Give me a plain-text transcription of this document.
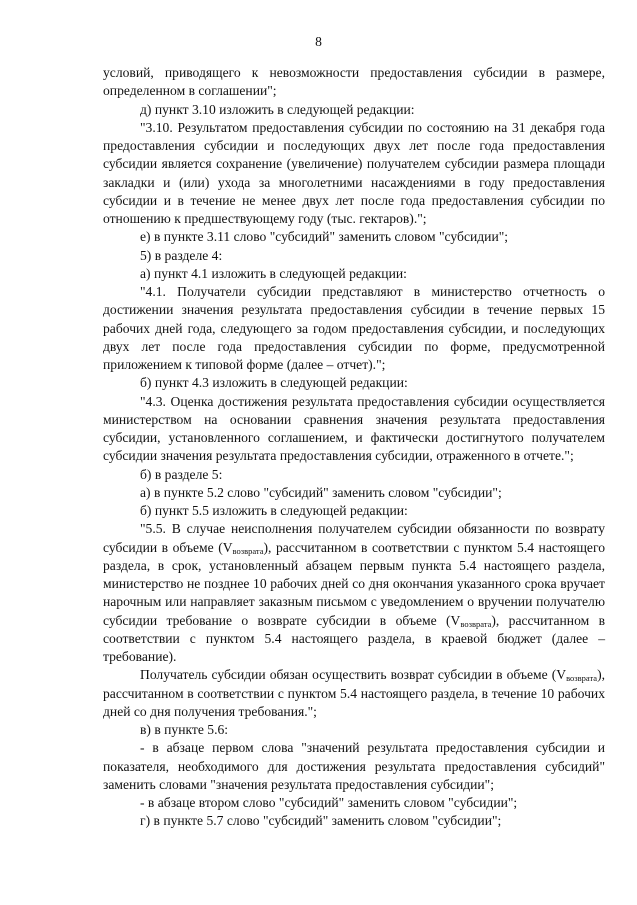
8

условий, приводящего к невозможности предоставления субсидии в размере, определенном в соглашении";

д) пункт 3.10 изложить в следующей редакции:

"3.10. Результатом предоставления субсидии по состоянию на 31 декабря года предоставления субсидии и последующих двух лет после года предоставления субсидии является сохранение (увеличение) получателем субсидии размера площади закладки и (или) ухода за многолетними насаждениями в году предоставления субсидии и в течение не менее двух лет после года предоставления субсидии по отношению к предшествующему году (тыс. гектаров).";

е) в пункте 3.11 слово "субсидий" заменить словом "субсидии";

5) в разделе 4:

а) пункт 4.1 изложить в следующей редакции:

"4.1. Получатели субсидии представляют в министерство отчетность о достижении значения результата предоставления субсидии в течение первых 15 рабочих дней года, следующего за годом предоставления субсидии, и последующих двух лет после года предоставления субсидии по форме, предусмотренной приложением к типовой форме (далее – отчет).";

б) пункт 4.3 изложить в следующей редакции:

"4.3. Оценка достижения результата предоставления субсидии осуществляется министерством на основании сравнения значения результата предоставления субсидии, установленного соглашением, и фактически достигнутого получателем субсидии значения результата предоставления субсидии, отраженного в отчете.";

б) в разделе 5:

а) в пункте 5.2 слово "субсидий" заменить словом "субсидии";

б) пункт 5.5 изложить в следующей редакции:

"5.5. В случае неисполнения получателем субсидии обязанности по возврату субсидии в объеме $(V_{возврата})$, рассчитанном в соответствии с пунктом 5.4 настоящего раздела, в срок, установленный абзацем первым пункта 5.4 настоящего раздела, министерство не позднее 10 рабочих дней со дня окончания указанного срока вручает нарочным или направляет заказным письмом с уведомлением о вручении получателю субсидии требование о возврате субсидии в объеме $(V_{возврата})$, рассчитанном в соответствии с пунктом 5.4 настоящего раздела, в краевой бюджет (далее – требование).

Получатель субсидии обязан осуществить возврат субсидии в объеме $(V_{возврата})$, рассчитанном в соответствии с пунктом 5.4 настоящего раздела, в течение 10 рабочих дней со дня получения требования.";

в) в пункте 5.6:

- в абзаце первом слова "значений результата предоставления субсидии и показателя, необходимого для достижения результата предоставления субсидий" заменить словами "значения результата предоставления субсидии";

- в абзаце втором слово "субсидий" заменить словом "субсидии";

г) в пункте 5.7 слово "субсидий" заменить словом "субсидии";
